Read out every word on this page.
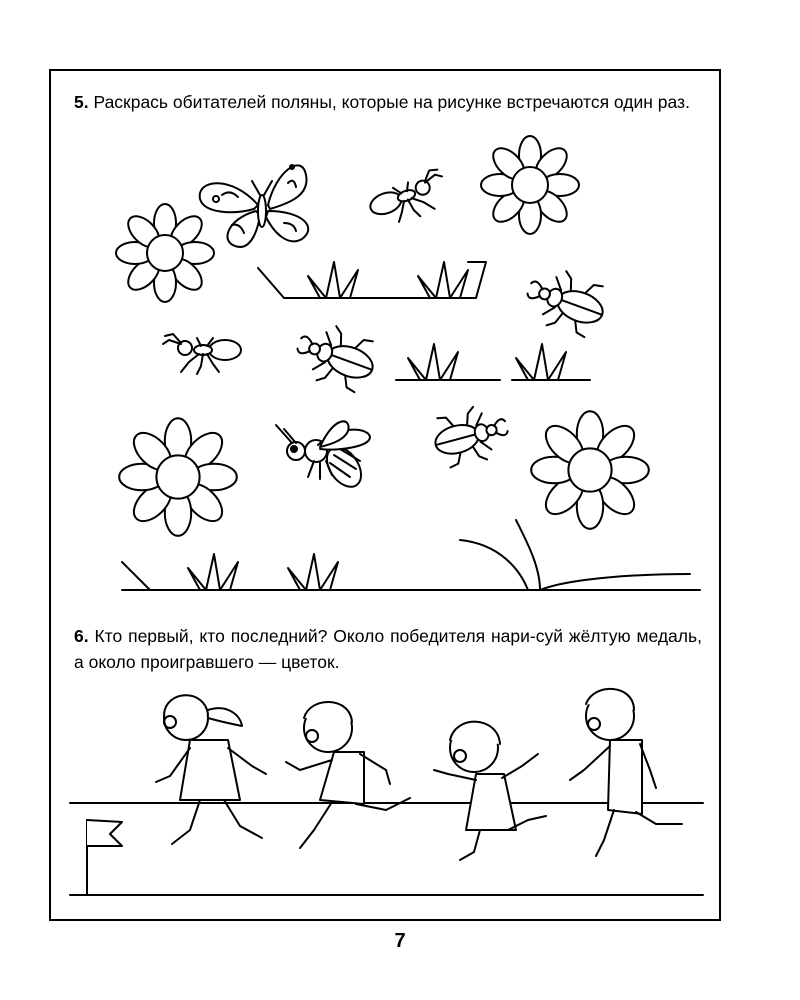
5. Раскрась обитателей поляны, которые на рисунке встречаются один раз.
6. Кто первый, кто последний? Около победителя нари-суй жёлтую медаль, а около проигравшего — цветок.
7
